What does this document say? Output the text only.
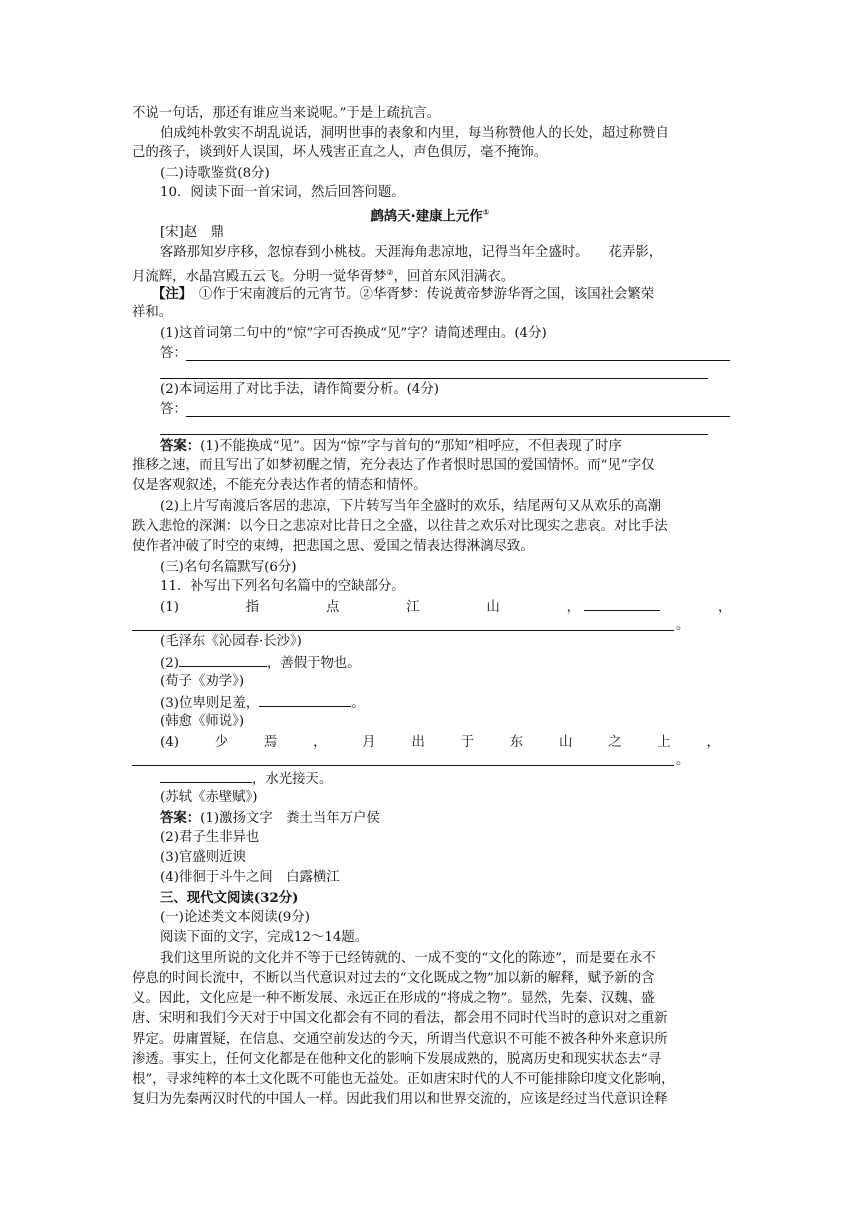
不说一句话，那还有谁应当来说呢。”于是上疏抗言。
伯成纯朴敦实不胡乱说话，洞明世事的表象和内里，每当称赞他人的长处，超过称赞自
己的孩子，谈到奸人误国，坏人残害正直之人，声色俱厉，毫不掩饰。
(二)诗歌鉴赏(8分)
10．阅读下面一首宋词，然后回答问题。
鹧鸪天·建康上元作①
[宋]赵　鼎
客路那知岁序移，忽惊春到小桃枝。天涯海角悲凉地，记得当年全盛时。　　花弄影，
月流辉，水晶宫殿五云飞。分明一觉华胥梦②，回首东风泪满衣。
【注】　①作于宋南渡后的元宵节。②华胥梦：传说黄帝梦游华胥之国，该国社会繁荣
祥和。
(1)这首词第二句中的“惊”字可否换成“见”字？请简述理由。(4分)
答：
(2)本词运用了对比手法，请作简要分析。(4分)
答：
答案：(1)不能换成“见”。因为“惊”字与首句的“那知”相呼应，不但表现了时序
推移之速，而且写出了如梦初醒之情，充分表达了作者恨时思国的爱国情怀。而“见”字仅
仅是客观叙述，不能充分表达作者的情态和情怀。
(2)上片写南渡后客居的悲凉，下片转写当年全盛时的欢乐，结尾两句又从欢乐的高潮
跌入悲怆的深渊：以今日之悲凉对比昔日之全盛，以往昔之欢乐对比现实之悲哀。对比手法
使作者冲破了时空的束缚，把悲国之思、爱国之情表达得淋漓尽致。
(三)名句名篇默写(6分)
11．补写出下列名句名篇中的空缺部分。
(1)	指	点	江	山	，	，
。
(毛泽东《沁园春·长沙》)
(2)	，善假于物也。
(荀子《劝学》)
(3)位卑则足羞，	。
(韩愈《师说》)
(4)	少	焉	，	月	出	于	东	山	之	上	，
。
，水光接天。
(苏轼《赤壁赋》)
答案：(1)激扬文字　粪土当年万户侯
(2)君子生非异也
(3)官盛则近谀
(4)徘徊于斗牛之间　白露横江
三、现代文阅读(32分)
(一)论述类文本阅读(9分)
阅读下面的文字，完成12～14题。
我们这里所说的文化并不等于已经铸就的、一成不变的“文化的陈迹”，而是要在永不
停息的时间长流中，不断以当代意识对过去的“文化既成之物”加以新的解释，赋予新的含
义。因此，文化应是一种不断发展、永远正在形成的“将成之物”。显然，先秦、汉魏、盛
唐、宋明和我们今天对于中国文化都会有不同的看法，都会用不同时代当时的意识对之重新
界定。毋庸置疑，在信息、交通空前发达的今天，所谓当代意识不可能不被各种外来意识所
渗透。事实上，任何文化都是在他种文化的影响下发展成熟的，脱离历史和现实状态去“寻
根”，寻求纯粹的本土文化既不可能也无益处。正如唐宋时代的人不可能排除印度文化影响，
复归为先秦两汉时代的中国人一样。因此我们用以和世界交流的，应该是经过当代意识诠释
